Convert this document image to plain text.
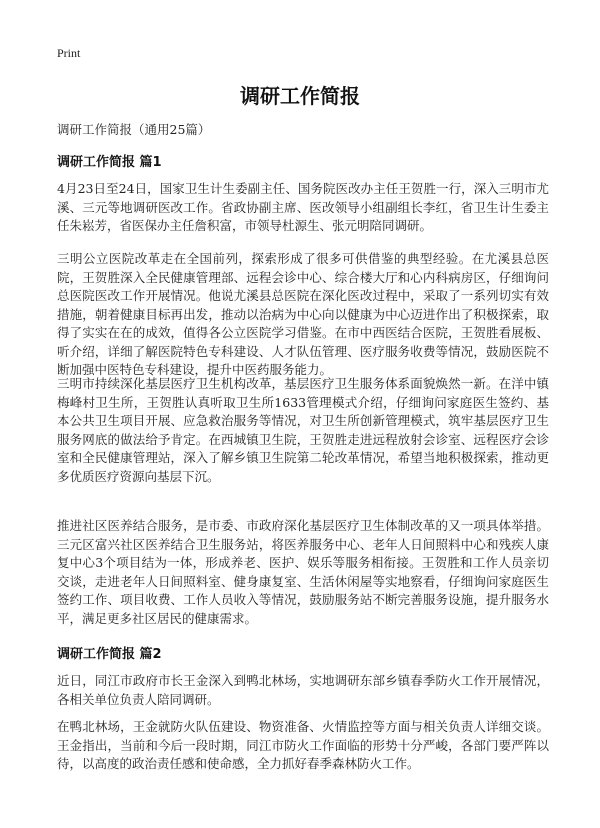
Print
调研工作简报
调研工作简报（通用25篇）
调研工作简报 篇1

4月23日至24日，国家卫生计生委副主任、国务院医改办主任王贺胜一行，深入三明市尤溪、三元等地调研医改工作。省政协副主席、医改领导小组副组长李红，省卫生计生委主任朱崧芳，省医保办主任詹积富，市领导杜源生、张元明陪同调研。

三明公立医院改革走在全国前列，探索形成了很多可供借鉴的典型经验。在尤溪县总医院，王贺胜深入全民健康管理部、远程会诊中心、综合楼大厅和心内科病房区，仔细询问总医院医改工作开展情况。他说尤溪县总医院在深化医改过程中，采取了一系列切实有效措施，朝着健康目标再出发，推动以治病为中心向以健康为中心迈进作出了积极探索，取得了实实在在的成效，值得各公立医院学习借鉴。在市中西医结合医院，王贺胜看展板、听介绍，详细了解医院特色专科建设、人才队伍管理、医疗服务收费等情况，鼓励医院不断加强中医特色专科建设，提升中医药服务能力。

三明市持续深化基层医疗卫生机构改革，基层医疗卫生服务体系面貌焕然一新。在洋中镇梅峰村卫生所，王贺胜认真听取卫生所1633管理模式介绍，仔细询问家庭医生签约、基本公共卫生项目开展、应急救治服务等情况，对卫生所创新管理模式，筑牢基层医疗卫生服务网底的做法给予肯定。在西城镇卫生院，王贺胜走进远程放射会诊室、远程医疗会诊室和全民健康管理站，深入了解乡镇卫生院第二轮改革情况，希望当地积极探索，推动更多优质医疗资源向基层下沉。

推进社区医养结合服务，是市委、市政府深化基层医疗卫生体制改革的又一项具体举措。三元区富兴社区医养结合卫生服务站，将医养服务中心、老年人日间照料中心和残疾人康复中心3个项目结为一体，形成养老、医护、娱乐等服务相衔接。王贺胜和工作人员亲切交谈，走进老年人日间照料室、健身康复室、生活休闲屋等实地察看，仔细询问家庭医生签约工作、项目收费、工作人员收入等情况，鼓励服务站不断完善服务设施，提升服务水平，满足更多社区居民的健康需求。

调研工作简报 篇2

近日，同江市政府市长王金深入到鸭北林场，实地调研东部乡镇春季防火工作开展情况，各相关单位负责人陪同调研。

在鸭北林场，王金就防火队伍建设、物资准备、火情监控等方面与相关负责人详细交谈。王金指出，当前和今后一段时期，同江市防火工作面临的形势十分严峻，各部门要严阵以待，以高度的政治责任感和使命感，全力抓好春季森林防火工作。
